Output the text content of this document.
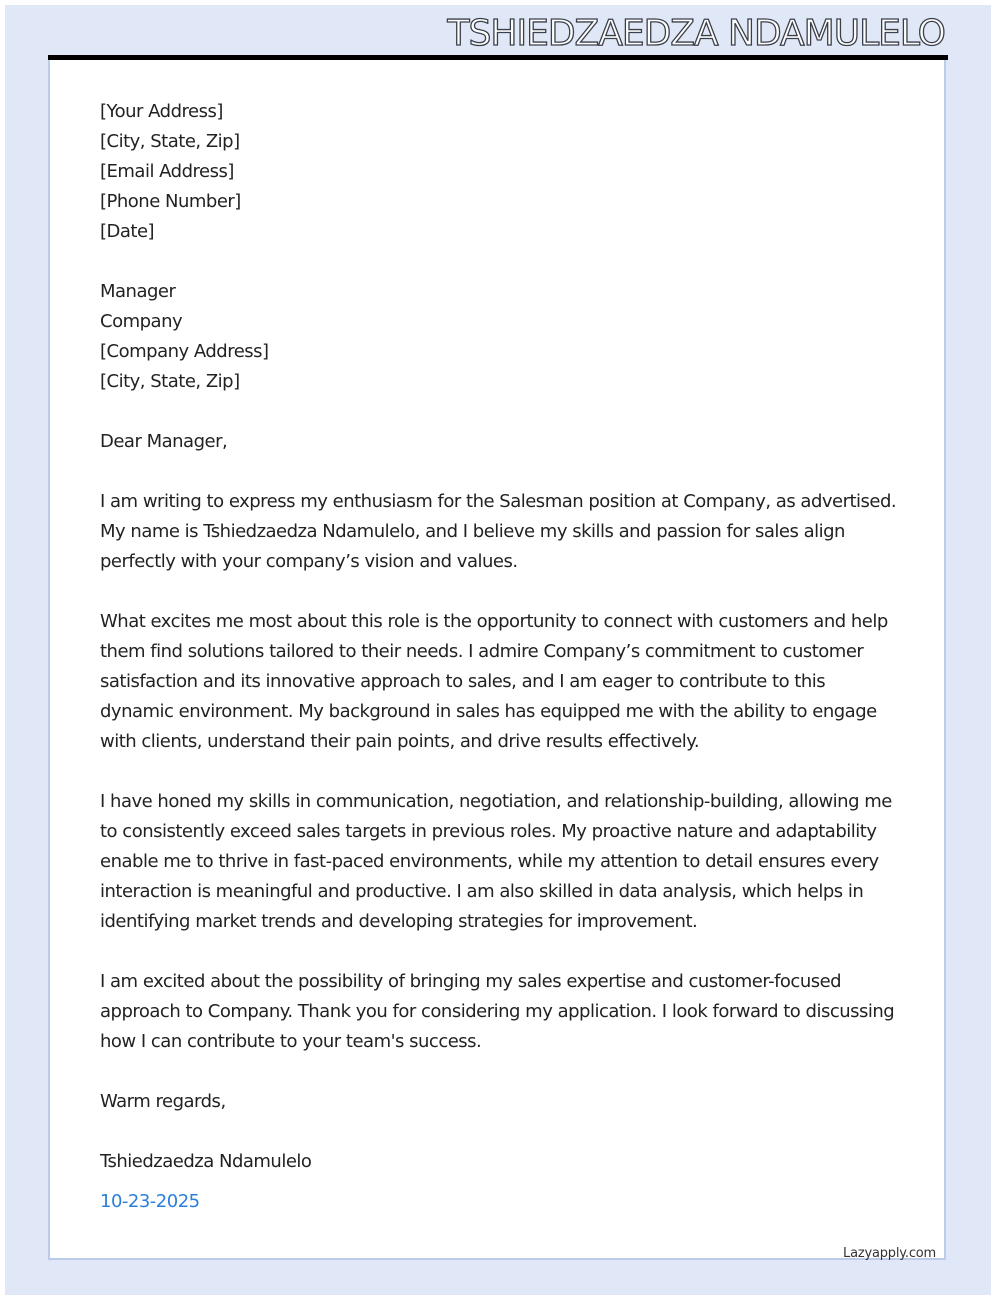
TSHIEDZAEDZA NDAMULELO
[Your Address]
[City, State, Zip]
[Email Address]
[Phone Number]
[Date]
Manager
Company
[Company Address]
[City, State, Zip]

Dear Manager,

I am writing to express my enthusiasm for the Salesman position at Company, as advertised. My name is Tshiedzaedza Ndamulelo, and I believe my skills and passion for sales align perfectly with your company’s vision and values.

What excites me most about this role is the opportunity to connect with customers and help them find solutions tailored to their needs. I admire Company’s commitment to customer satisfaction and its innovative approach to sales, and I am eager to contribute to this dynamic environment. My background in sales has equipped me with the ability to engage with clients, understand their pain points, and drive results effectively.

I have honed my skills in communication, negotiation, and relationship-building, allowing me to consistently exceed sales targets in previous roles. My proactive nature and adaptability enable me to thrive in fast-paced environments, while my attention to detail ensures every interaction is meaningful and productive. I am also skilled in data analysis, which helps in identifying market trends and developing strategies for improvement.

I am excited about the possibility of bringing my sales expertise and customer-focused approach to Company. Thank you for considering my application. I look forward to discussing how I can contribute to your team's success.

Warm regards,

Tshiedzaedza Ndamulelo
10-23-2025
Lazyapply.com
